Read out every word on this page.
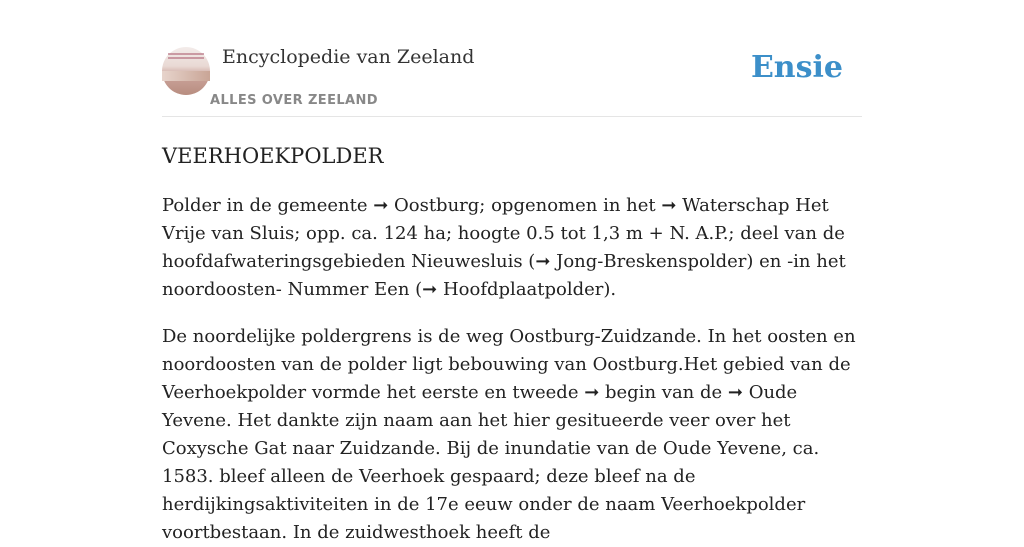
Encyclopedie van Zeeland
ALLES OVER ZEELAND
Ensie
VEERHOEKPOLDER

Polder in de gemeente ➞ Oostburg; opgenomen in het ➞ Waterschap Het Vrije van Sluis; opp. ca. 124 ha; hoogte 0.5 tot 1,3 m + N. A.P.; deel van de hoofdafwateringsgebieden Nieuwesluis (➞ Jong-Breskenspolder) en -in het noordoosten- Nummer Een (➞ Hoofdplaatpolder).

De noordelijke poldergrens is de weg Oostburg-Zuidzande. In het oosten en noordoosten van de polder ligt bebouwing van Oostburg.Het gebied van de Veerhoekpolder vormde het eerste en tweede ➞ begin van de ➞ Oude Yevene. Het dankte zijn naam aan het hier gesitueerde veer over het Coxysche Gat naar Zuidzande. Bij de inundatie van de Oude Yevene, ca. 1583. bleef alleen de Veerhoek gespaard; deze bleef na de herdijkingsaktiviteiten in de 17e eeuw onder de naam Veerhoekpolder voortbestaan. In de zuidwesthoek heeft de
